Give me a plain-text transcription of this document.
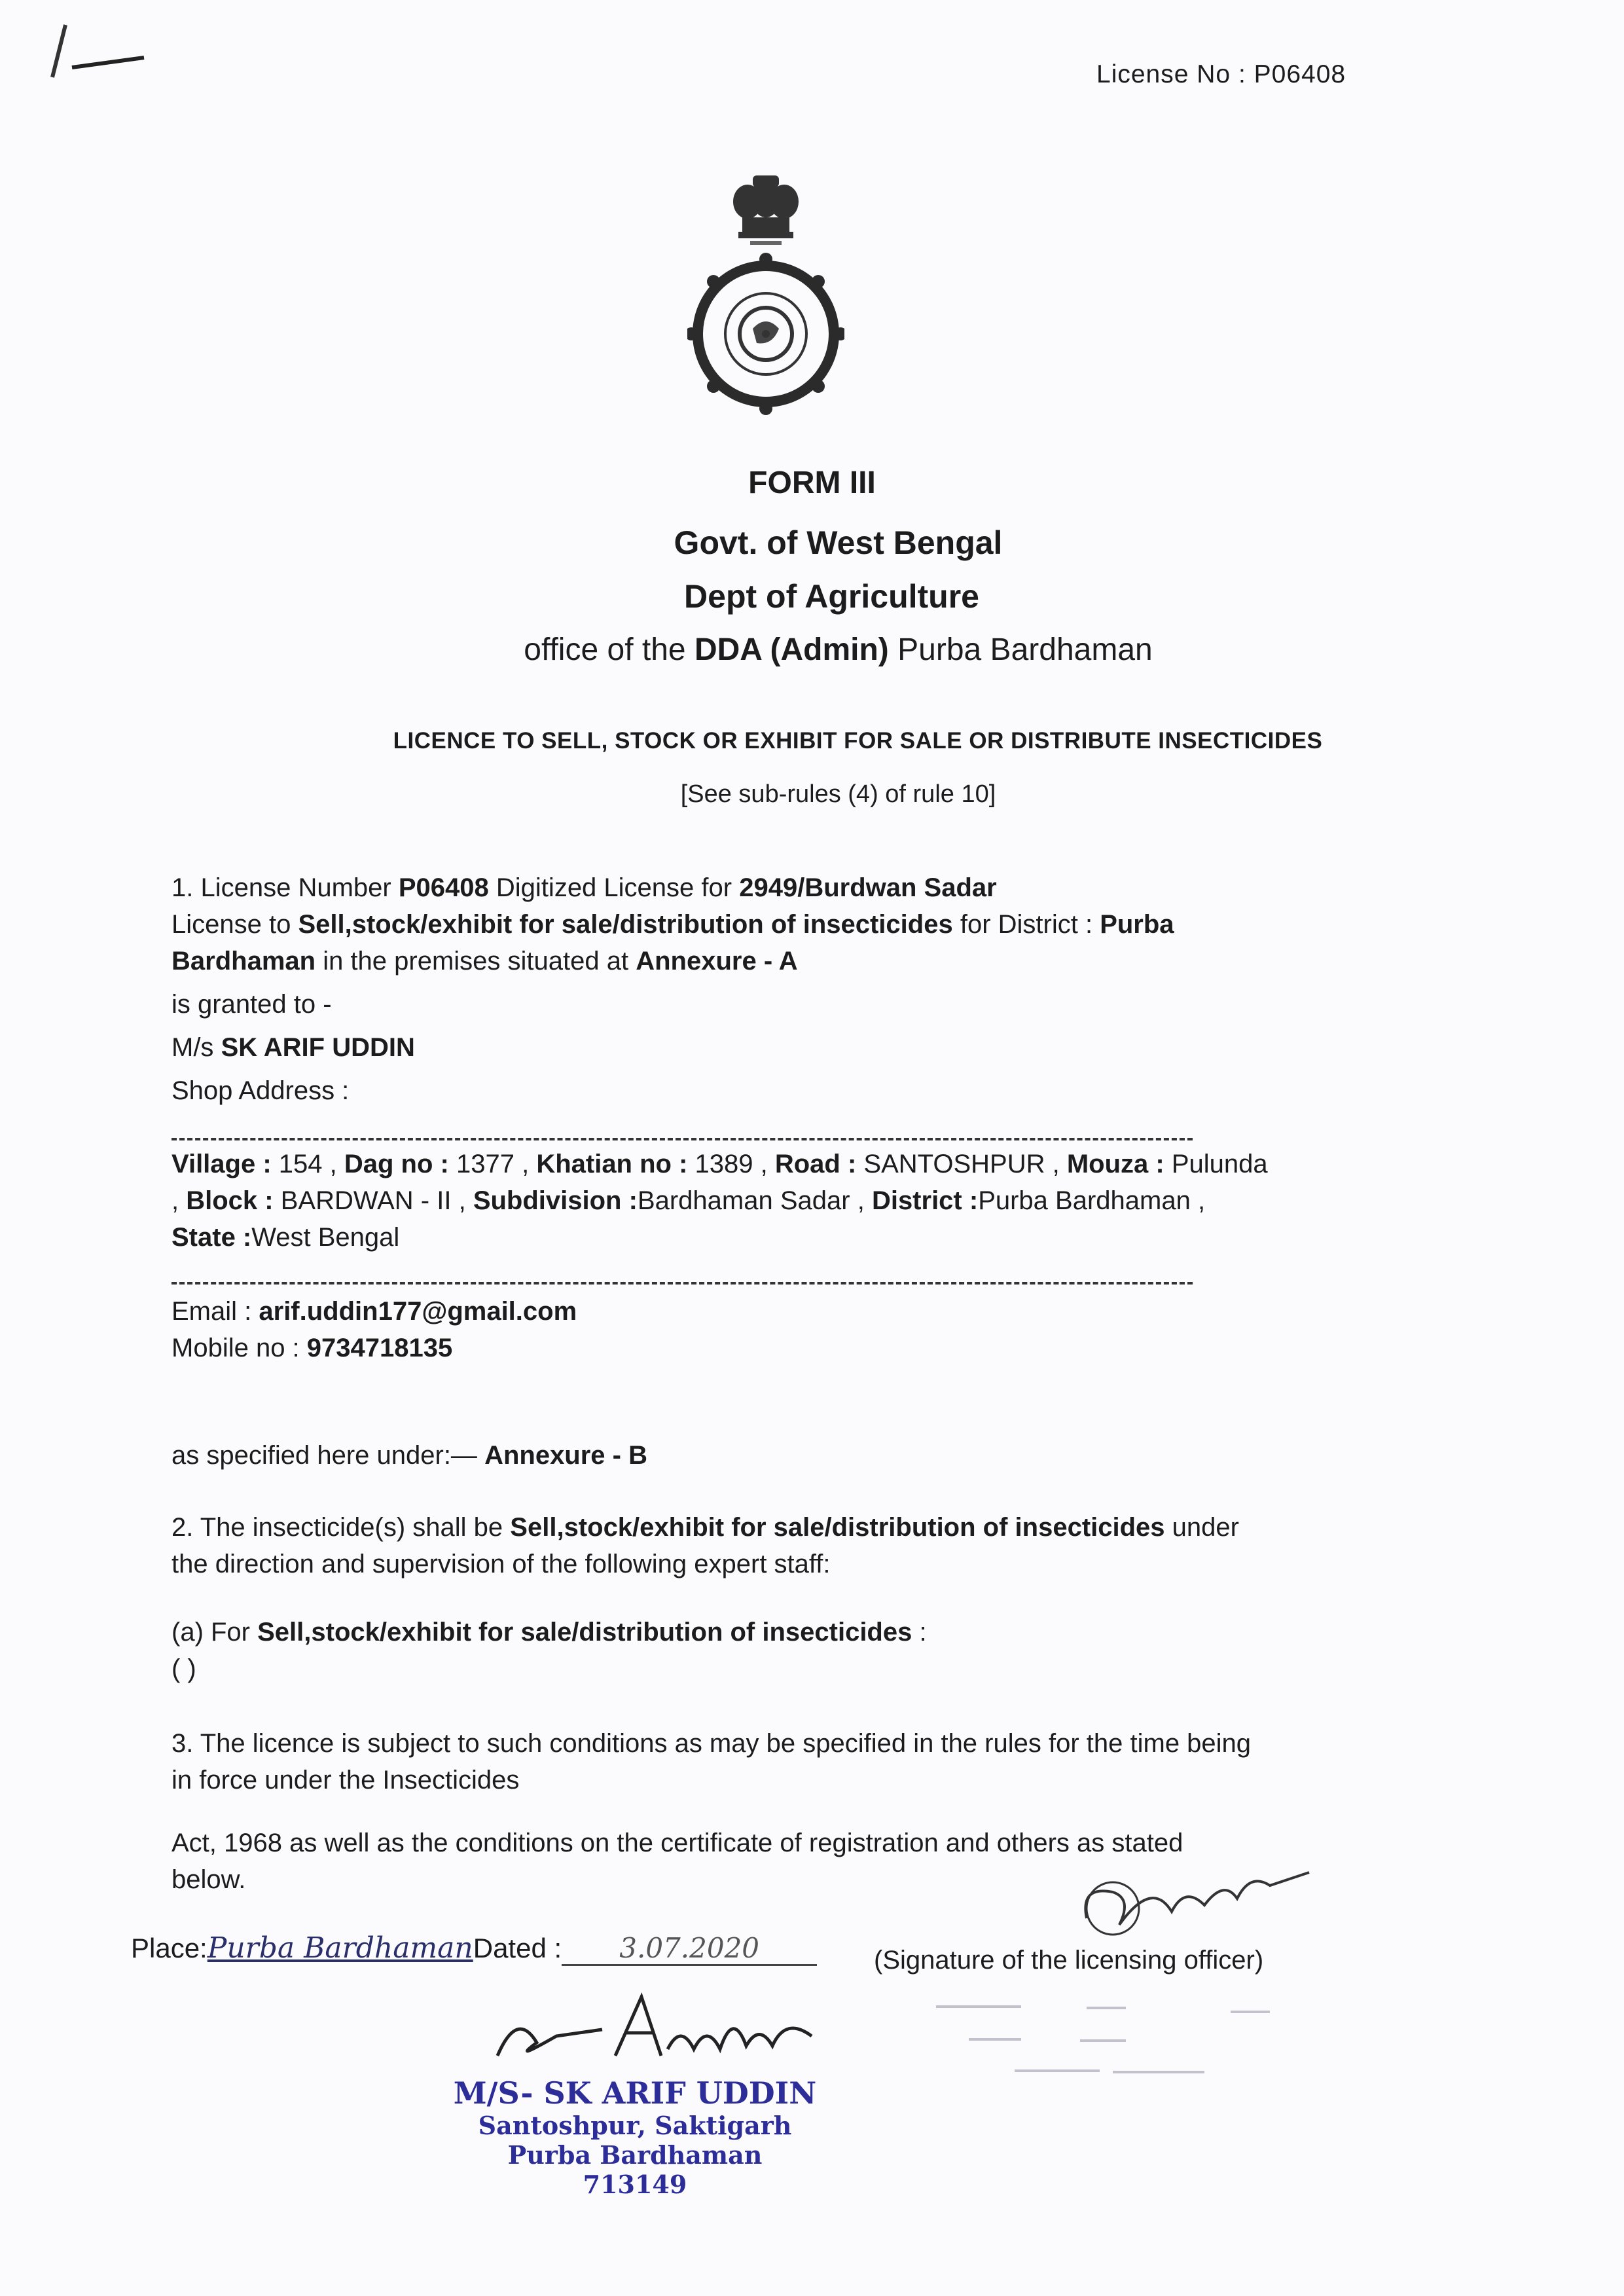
License No : P06408
FORM III
Govt. of West Bengal
Dept of Agriculture
office of the DDA (Admin) Purba Bardhaman
LICENCE TO SELL, STOCK OR EXHIBIT FOR SALE OR DISTRIBUTE INSECTICIDES
[See sub-rules (4) of rule 10]
1. License Number P06408 Digitized License for 2949/Burdwan Sadar
License to Sell,stock/exhibit for sale/distribution of insecticides for District : Purba
Bardhaman in the premises situated at Annexure - A
is granted to -
M/s SK ARIF UDDIN
Shop Address :
Village : 154 , Dag no : 1377 , Khatian no : 1389 , Road : SANTOSHPUR , Mouza : Pulunda
, Block : BARDWAN - II , Subdivision :Bardhaman Sadar , District :Purba Bardhaman ,
State :West Bengal
Email : arif.uddin177@gmail.com
Mobile no : 9734718135
as specified here under:— Annexure - B
2. The insecticide(s) shall be Sell,stock/exhibit for sale/distribution of insecticides under
the direction and supervision of the following expert staff:
(a) For Sell,stock/exhibit for sale/distribution of insecticides :
( )
3. The licence is subject to such conditions as may be specified in the rules for the time being
in force under the Insecticides
Act, 1968 as well as the conditions on the certificate of registration and others as stated
below.
Place:Purba BardhamanDated : 3.07.2020	(Signature of the licensing officer)
M/S- SK ARIF UDDIN
Santoshpur, Saktigarh
Purba Bardhaman
713149
